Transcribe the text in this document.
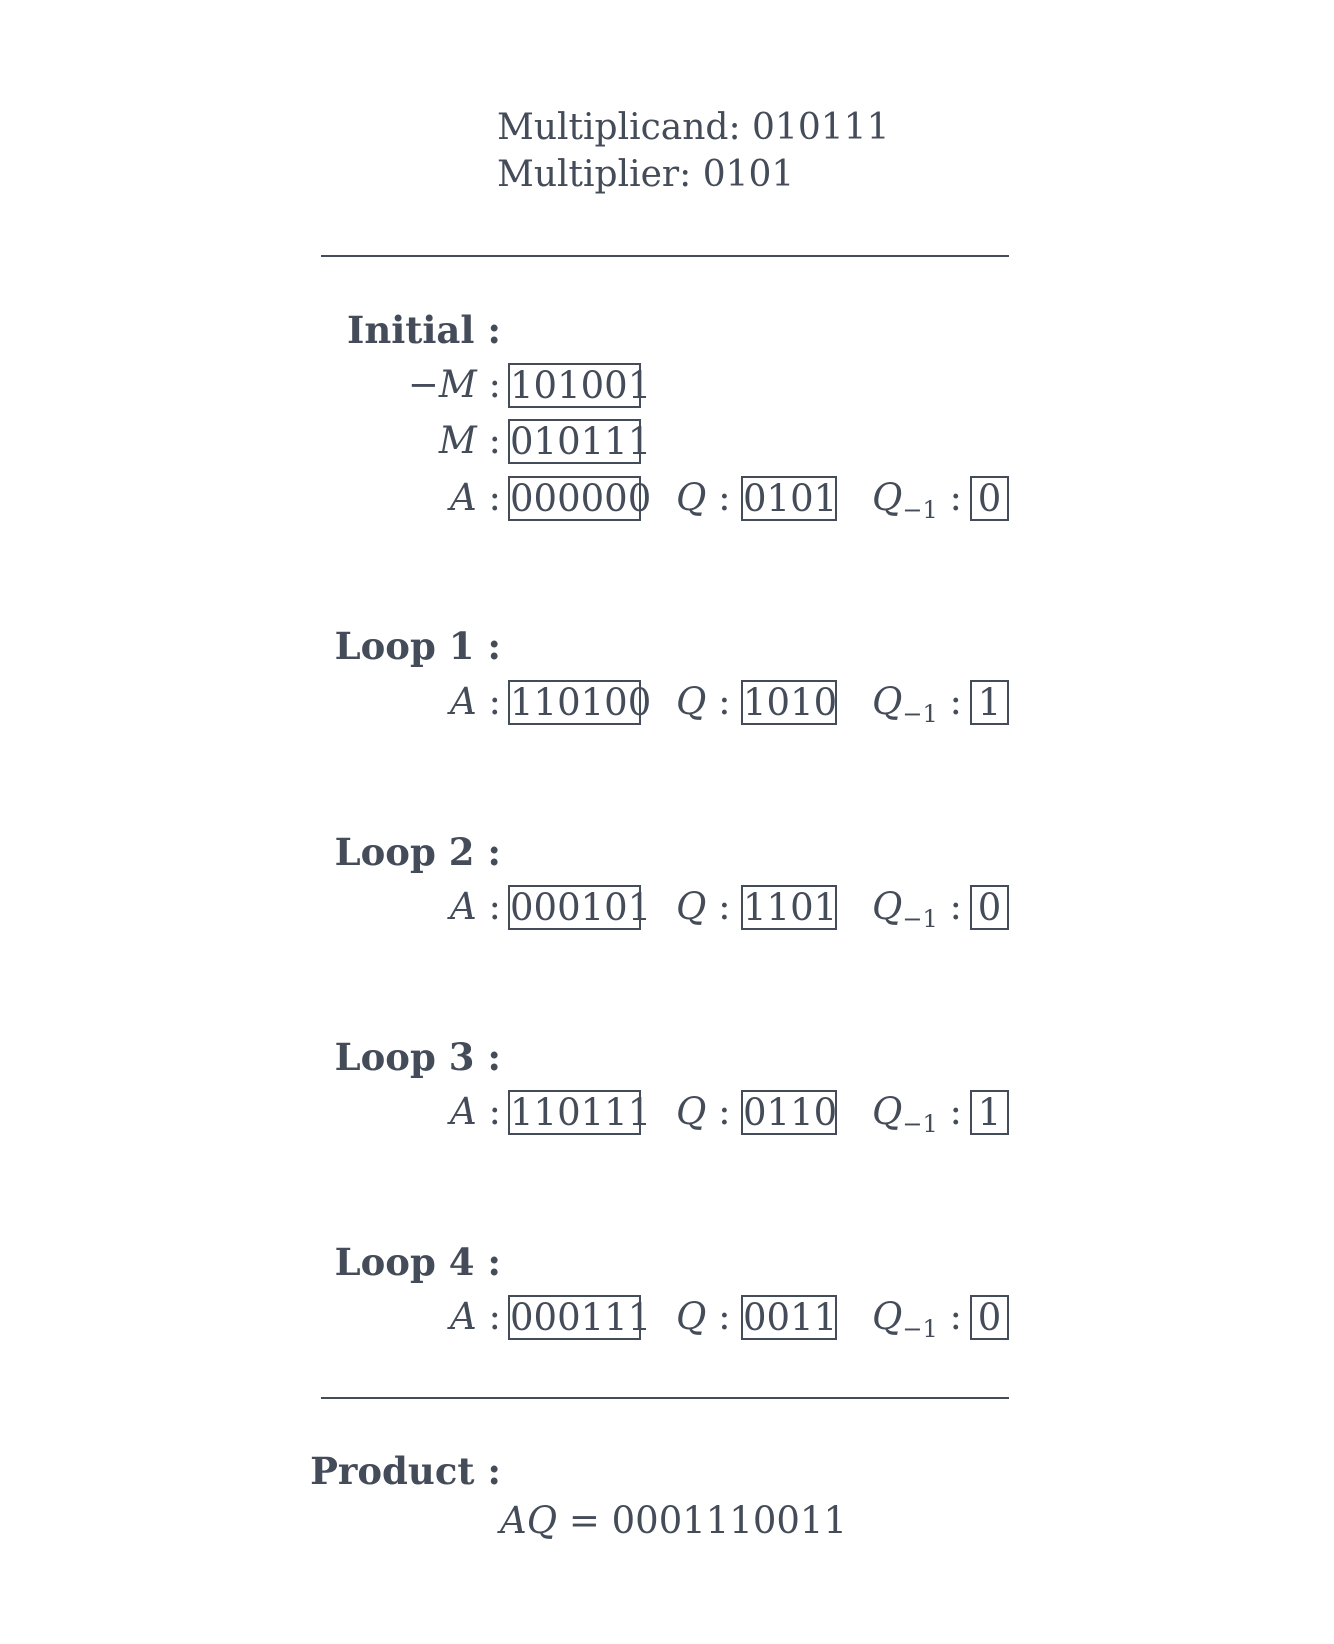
Multiplicand: 010111
Multiplier: 0101
Initial :
−M : 101001
M : 010111
A : 000000 Q : 0101 $Q_{-1}$ : 0
Loop 1 :
A : 110100 Q : 1010 $Q_{-1}$ : 1
Loop 2 :
A : 000101 Q : 1101 $Q_{-1}$ : 0
Loop 3 :
A : 110111 Q : 0110 $Q_{-1}$ : 1
Loop 4 :
A : 000111 Q : 0011 $Q_{-1}$ : 0
Product :
AQ = 0001110011
